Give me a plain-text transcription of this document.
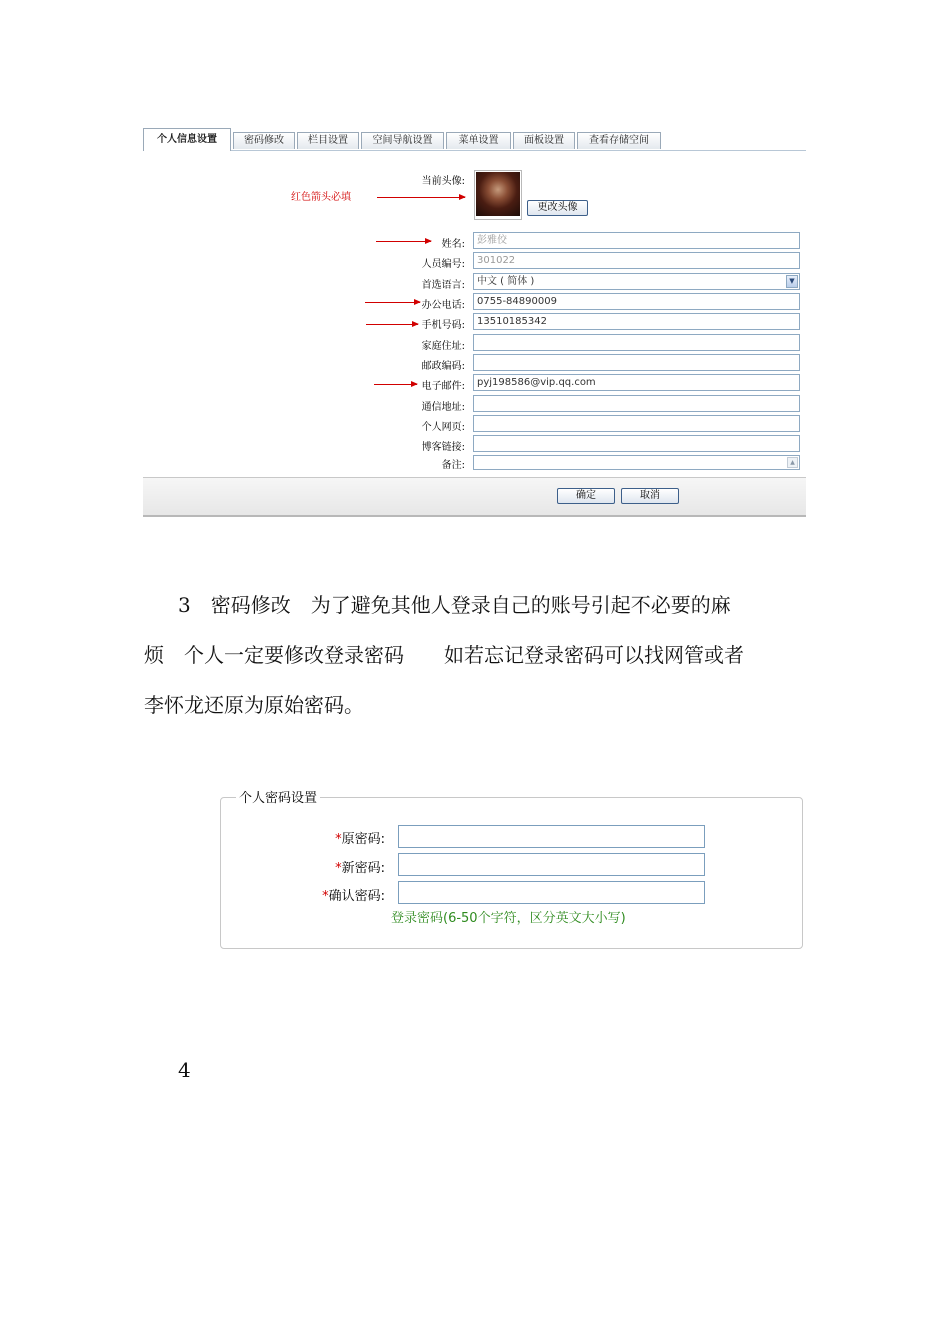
个人信息设置	密码修改	栏目设置	空间导航设置	菜单设置	面板设置	查看存储空间
当前头像:
更改头像
红色箭头必填
姓名:	彭雅佼
人员编号:	301022
首选语言:	中文 ( 简体 )	▼
办公电话:	0755-84890009
手机号码:	13510185342
家庭住址:
邮政编码:
电子邮件:	pyj198586@vip.qq.com
通信地址:
个人网页:
博客链接:
备注:	▲
确定	取消
3　密码修改　为了避免其他人登录自己的账号引起不必要的麻
烦　个人一定要修改登录密码　　如若忘记登录密码可以找网管或者
李怀龙还原为原始密码。
个人密码设置
*原密码:
*新密码:
*确认密码:
登录密码(6-50个字符，区分英文大小写)
4
